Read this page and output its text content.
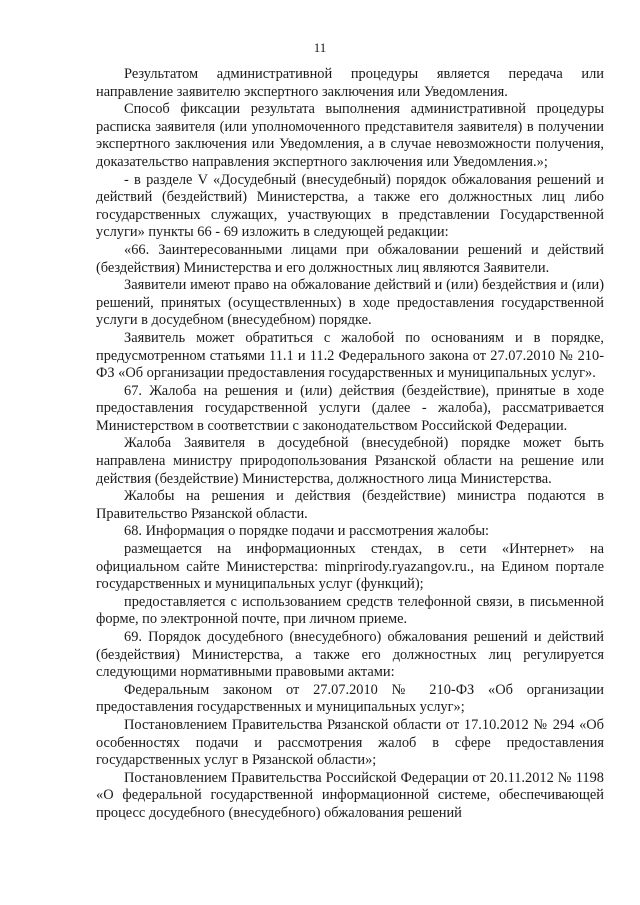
11

Результатом административной процедуры является передача или направление заявителю экспертного заключения или Уведомления.

Способ фиксации результата выполнения административной процедуры расписка заявителя (или уполномоченного представителя заявителя) в получении экспертного заключения или Уведомления, а в случае невозможности получения, доказательство направления экспертного заключения или Уведомления.»;

- в разделе V «Досудебный (внесудебный) порядок обжалования решений и действий (бездействий) Министерства, а также его должностных лиц либо государственных служащих, участвующих в представлении Государственной услуги» пункты 66 - 69 изложить в следующей редакции:

«66. Заинтересованными лицами при обжаловании решений и действий (бездействия) Министерства и его должностных лиц являются Заявители.

Заявители имеют право на обжалование действий и (или) бездействия и (или) решений, принятых (осуществленных) в ходе предоставления государственной услуги в досудебном (внесудебном) порядке.

Заявитель может обратиться с жалобой по основаниям и в порядке, предусмотренном статьями 11.1 и 11.2 Федерального закона от 27.07.2010 № 210-ФЗ «Об организации предоставления государственных и муниципальных услуг».

67. Жалоба на решения и (или) действия (бездействие), принятые в ходе предоставления государственной услуги (далее - жалоба), рассматривается Министерством в соответствии с законодательством Российской Федерации.

Жалоба Заявителя в досудебной (внесудебной) порядке может быть направлена министру природопользования Рязанской области на решение или действия (бездействие) Министерства, должностного лица Министерства.

Жалобы на решения и действия (бездействие) министра подаются в Правительство Рязанской области.

68. Информация о порядке подачи и рассмотрения жалобы:

размещается на информационных стендах, в сети «Интернет» на официальном сайте Министерства: minprirody.ryazangov.ru., на Едином портале государственных и муниципальных услуг (функций);

предоставляется с использованием средств телефонной связи, в письменной форме, по электронной почте, при личном приеме.

69. Порядок досудебного (внесудебного) обжалования решений и действий (бездействия) Министерства, а также его должностных лиц регулируется следующими нормативными правовыми актами:

Федеральным законом от 27.07.2010 № 210-ФЗ «Об организации предоставления государственных и муниципальных услуг»;

Постановлением Правительства Рязанской области от 17.10.2012 № 294 «Об особенностях подачи и рассмотрения жалоб в сфере предоставления государственных услуг в Рязанской области»;

Постановлением Правительства Российской Федерации от 20.11.2012 № 1198 «О федеральной государственной информационной системе, обеспечивающей процесс досудебного (внесудебного) обжалования решений
